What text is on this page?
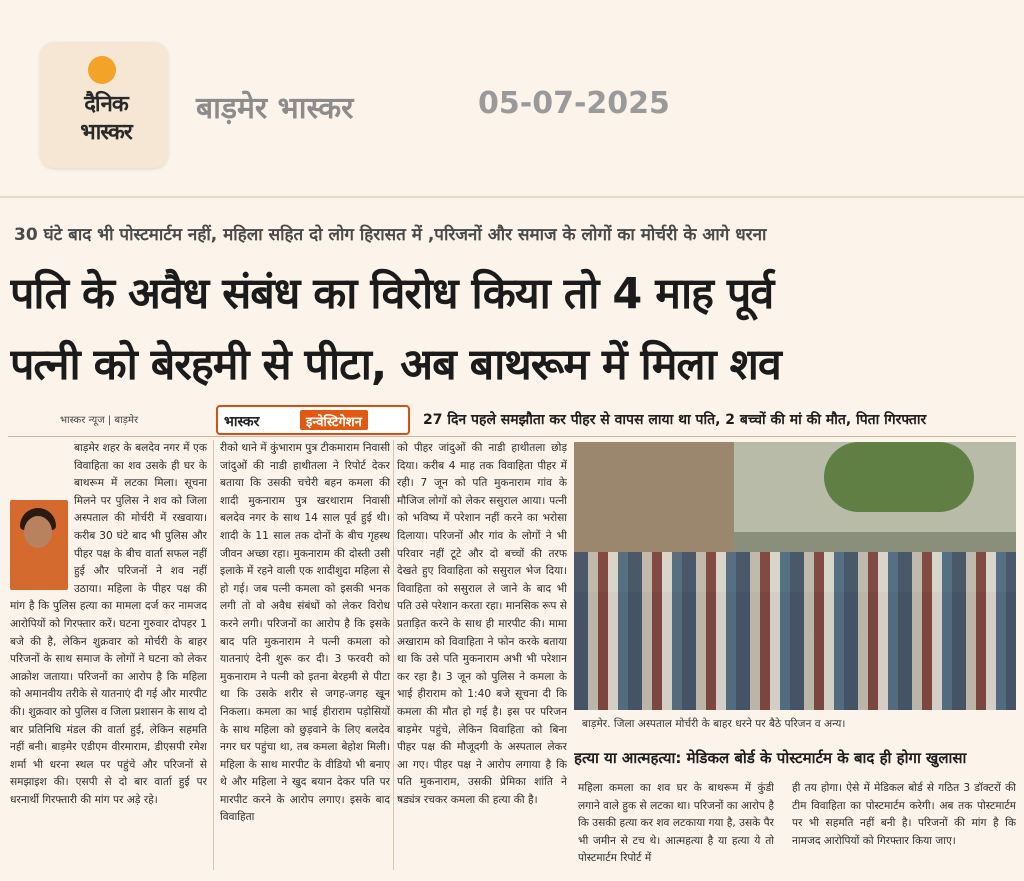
दैनिक
भास्कर
बाड़मेर भास्कर	05-07-2025
30 घंटे बाद भी पोस्टमार्टम नहीं, महिला सहित दो लोग हिरासत में ,परिजनों और समाज के लोगों का मोर्चरी के आगे धरना
पति के अवैध संबंध का विरोध किया तो 4 माह पूर्व
पत्नी को बेरहमी से पीटा, अब बाथरूम में मिला शव
भास्कर न्यूज | बाड़मेर	भास्कर	इन्वेस्टिगेशन	27 दिन पहले समझौता कर पीहर से वापस लाया था पति, 2 बच्चों की मां की मौत, पिता गिरफ्तार
बाड़मेर शहर के बलदेव नगर में एक विवाहिता का शव उसके ही घर के बाथरूम में लटका मिला। सूचना मिलने पर पुलिस ने शव को जिला अस्पताल की मोर्चरी में रखवाया। करीब 30 घंटे बाद भी पुलिस और पीहर पक्ष के बीच वार्ता सफल नहीं हुई और परिजनों ने शव नहीं उठाया। महिला के पीहर पक्ष की मांग है कि पुलिस हत्या का मामला दर्ज कर नामजद आरोपियों को गिरफ्तार करें। घटना गुरुवार दोपहर 1 बजे की है, लेकिन शुक्रवार को मोर्चरी के बाहर परिजनों के साथ समाज के लोगों ने घटना को लेकर आक्रोश जताया। परिजनों का आरोप है कि महिला को अमानवीय तरीके से यातनाएं दी गई और मारपीट की। शुक्रवार को पुलिस व जिला प्रशासन के साथ दो बार प्रतिनिधि मंडल की वार्ता हुई, लेकिन सहमति नहीं बनी। बाड़मेर एडीएम वीरमाराम, डीएसपी रमेश शर्मा भी धरना स्थल पर पहुंचे और परिजनों से समझाइश की। एसपी से दो बार वार्ता हुई पर धरनार्थी गिरफ्तारी की मांग पर अड़े रहे।
रीको थाने में कुंभाराम पुत्र टीकमाराम निवासी जांदुओं की नाडी हाथीतला ने रिपोर्ट देकर बताया कि उसकी चचेरी बहन कमला की शादी मुकनाराम पुत्र खरथाराम निवासी बलदेव नगर के साथ 14 साल पूर्व हुई थी। शादी के 11 साल तक दोनों के बीच गृहस्थ जीवन अच्छा रहा। मुकनाराम की दोस्ती उसी इलाके में रहने वाली एक शादीशुदा महिला से हो गई। जब पत्नी कमला को इसकी भनक लगी तो वो अवैध संबंधों को लेकर विरोध करने लगी। परिजनों का आरोप है कि इसके बाद पति मुकनाराम ने पत्नी कमला को यातनाएं देनी शुरू कर दी। 3 फरवरी को मुकनाराम ने पत्नी को इतना बेरहमी से पीटा था कि उसके शरीर से जगह-जगह खून निकला। कमला का भाई हीराराम पड़ोसियों के साथ महिला को छुड़वाने के लिए बलदेव नगर घर पहुंचा था, तब कमला बेहोश मिली। महिला के साथ मारपीट के वीडियो भी बनाए थे और महिला ने खुद बयान देकर पति पर मारपीट करने के आरोप लगाए। इसके बाद विवाहिता
को पीहर जांदुओं की नाडी हाथीतला छोड़ दिया। करीब 4 माह तक विवाहिता पीहर में रही। 7 जून को पति मुकनाराम गांव के मौजिज लोगों को लेकर ससुराल आया। पत्नी को भविष्य में परेशान नहीं करने का भरोसा दिलाया। परिजनों और गांव के लोगों ने भी परिवार नहीं टूटे और दो बच्चों की तरफ देखते हुए विवाहिता को ससुराल भेज दिया। विवाहिता को ससुराल ले जाने के बाद भी पति उसे परेशान करता रहा। मानसिक रूप से प्रताड़ित करने के साथ ही मारपीट की। मामा अखाराम को विवाहिता ने फोन करके बताया था कि उसे पति मुकनाराम अभी भी परेशान कर रहा है। 3 जून को पुलिस ने कमला के भाई हीराराम को 1:40 बजे सूचना दी कि कमला की मौत हो गई है। इस पर परिजन बाड़मेर पहुंचे, लेकिन विवाहिता को बिना पीहर पक्ष की मौजूदगी के अस्पताल लेकर आ गए। पीहर पक्ष ने आरोप लगाया है कि पति मुकनाराम, उसकी प्रेमिका शांति ने षड्यंत्र रचकर कमला की हत्या की है।
बाड़मेर. जिला अस्पताल मोर्चरी के बाहर धरने पर बैठे परिजन व अन्य।
हत्या या आत्महत्या: मेडिकल बोर्ड के पोस्टमार्टम के बाद ही होगा खुलासा
महिला कमला का शव घर के बाथरूम में कुंडी लगाने वाले हुक से लटका था। परिजनों का आरोप है कि उसकी हत्या कर शव लटकाया गया है, उसके पैर भी जमीन से टच थे। आत्महत्या है या हत्या ये तो पोस्टमार्टम रिपोर्ट में
ही तय होगा। ऐसे में मेडिकल बोर्ड से गठित 3 डॉक्टरों की टीम विवाहिता का पोस्टमार्टम करेगी। अब तक पोस्टमार्टम पर भी सहमति नहीं बनी है। परिजनों की मांग है कि नामजद आरोपियों को गिरफ्तार किया जाए।
